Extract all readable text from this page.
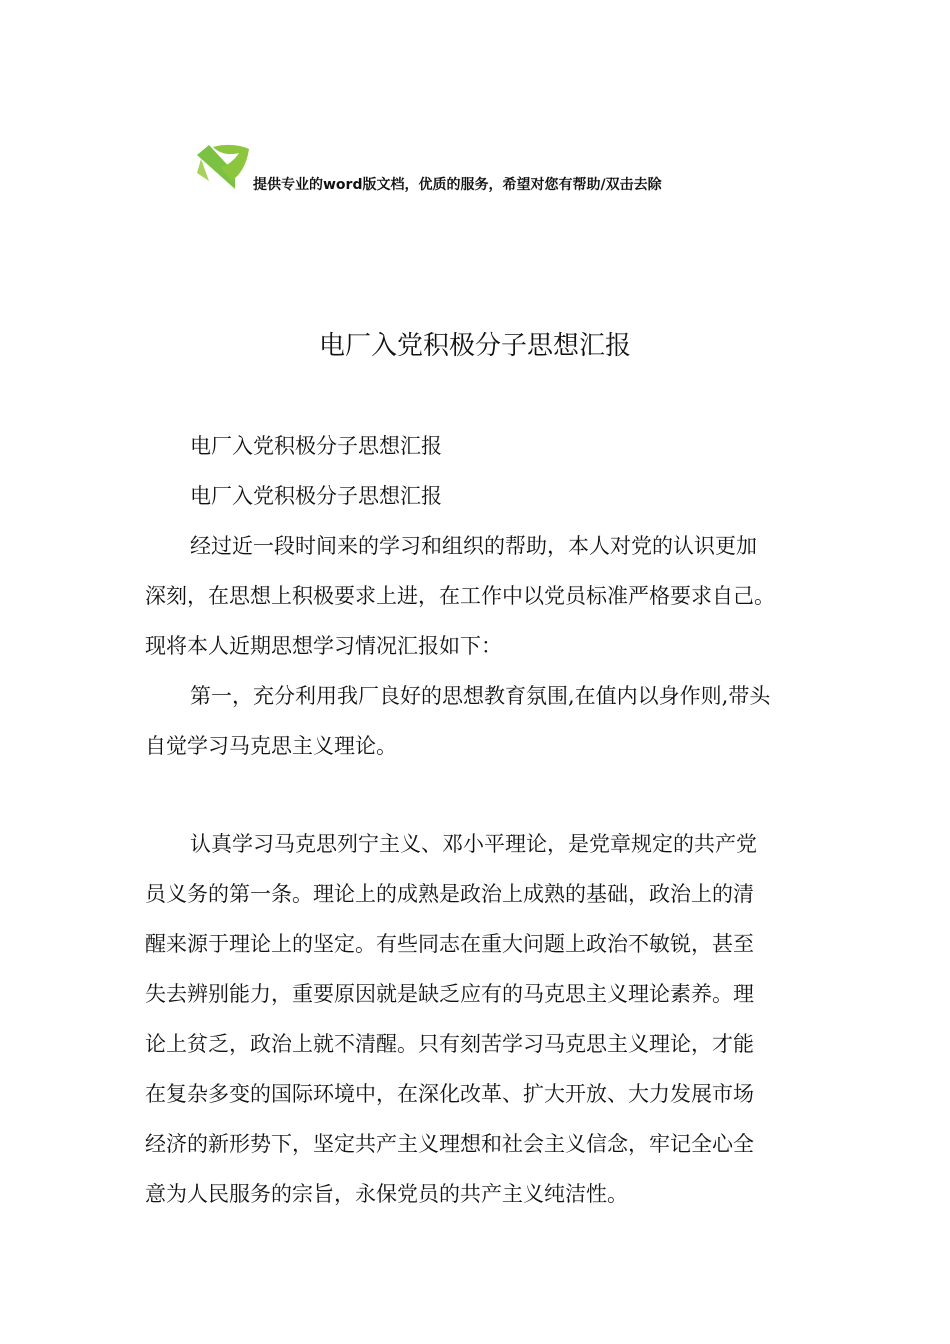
提供专业的word版文档，优质的服务，希望对您有帮助/双击去除
电厂入党积极分子思想汇报
电厂入党积极分子思想汇报
电厂入党积极分子思想汇报
经过近一段时间来的学习和组织的帮助，本人对党的认识更加
深刻，在思想上积极要求上进，在工作中以党员标准严格要求自己。
现将本人近期思想学习情况汇报如下：
第一，充分利用我厂良好的思想教育氛围,在值内以身作则,带头
自觉学习马克思主义理论。
认真学习马克思列宁主义、邓小平理论，是党章规定的共产党
员义务的第一条。理论上的成熟是政治上成熟的基础，政治上的清
醒来源于理论上的坚定。有些同志在重大问题上政治不敏锐，甚至
失去辨别能力，重要原因就是缺乏应有的马克思主义理论素养。理
论上贫乏，政治上就不清醒。只有刻苦学习马克思主义理论，才能
在复杂多变的国际环境中，在深化改革、扩大开放、大力发展市场
经济的新形势下，坚定共产主义理想和社会主义信念，牢记全心全
意为人民服务的宗旨，永保党员的共产主义纯洁性。
